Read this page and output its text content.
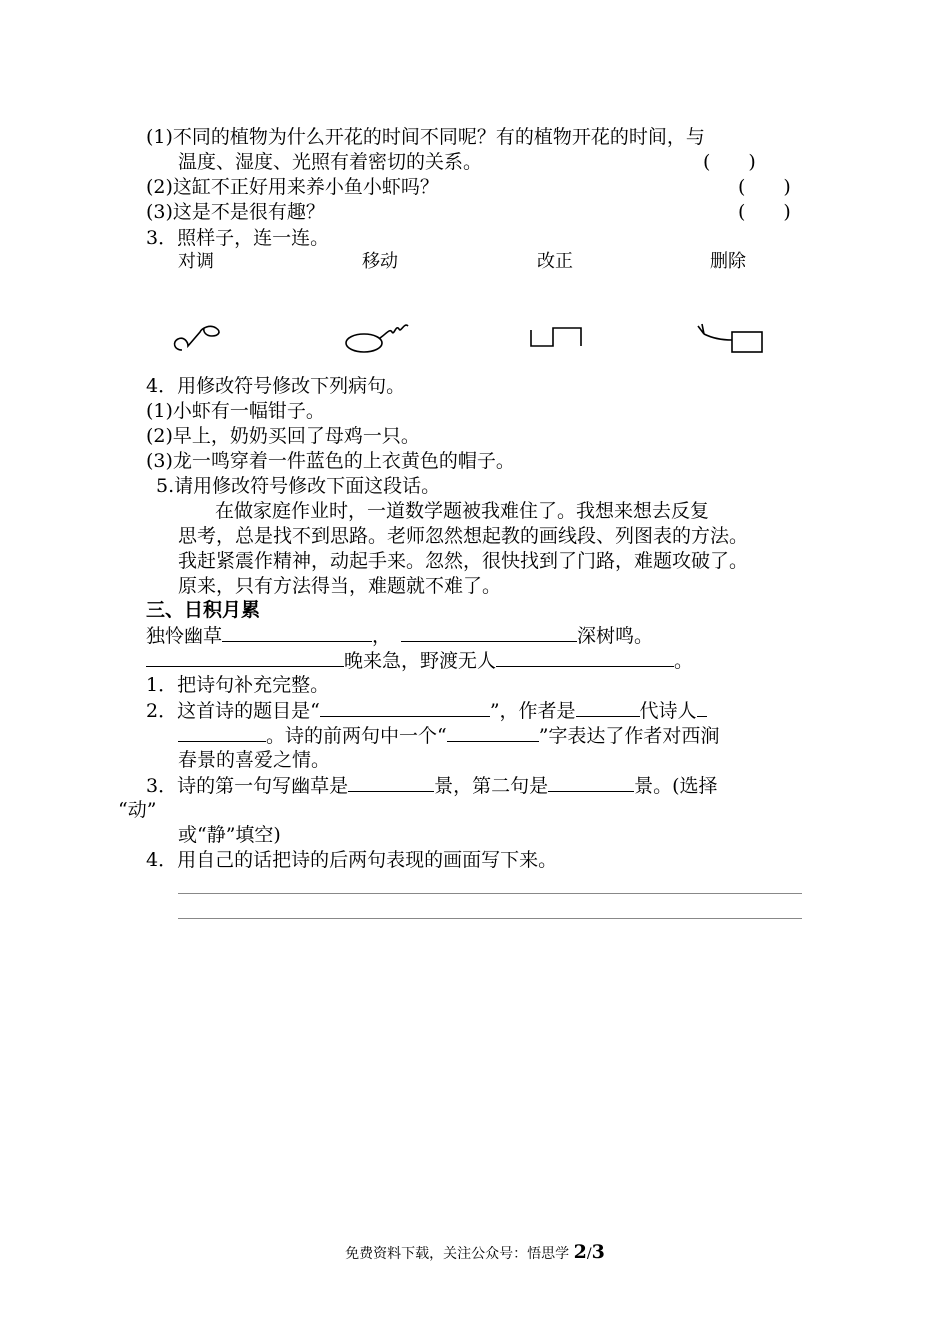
(1)不同的植物为什么开花的时间不同呢？有的植物开花的时间，与
温度、湿度、光照有着密切的关系。	(　　)
(2)这缸不正好用来养小鱼小虾吗？	(　　)
(3)这是不是很有趣？	(　　)
3．照样子，连一连。
对调	移动	改正	删除
4．用修改符号修改下列病句。
(1)小虾有一幅钳子。
(2)早上，奶奶买回了母鸡一只。
(3)龙一鸣穿着一件蓝色的上衣黄色的帽子。
5.请用修改符号修改下面这段话。
在做家庭作业时，一道数学题被我难住了。我想来想去反复
思考，总是找不到思路。老师忽然想起教的画线段、列图表的方法。
我赶紧震作精神，动起手来。忽然，很快找到了门路，难题攻破了。
原来，只有方法得当，难题就不难了。
三、日积月累
独怜幽草	，	深树鸣。
晚来急，野渡无人	。
1．把诗句补充完整。
2．这首诗的题目是“	”，作者是	代诗人
。诗的前两句中一个“	”字表达了作者对西涧
春景的喜爱之情。
3．诗的第一句写幽草是	景，第二句是	景。(选择
“动”
或“静”填空)
4．用自己的话把诗的后两句表现的画面写下来。
免费资料下载，关注公众号：悟思学 2/3
